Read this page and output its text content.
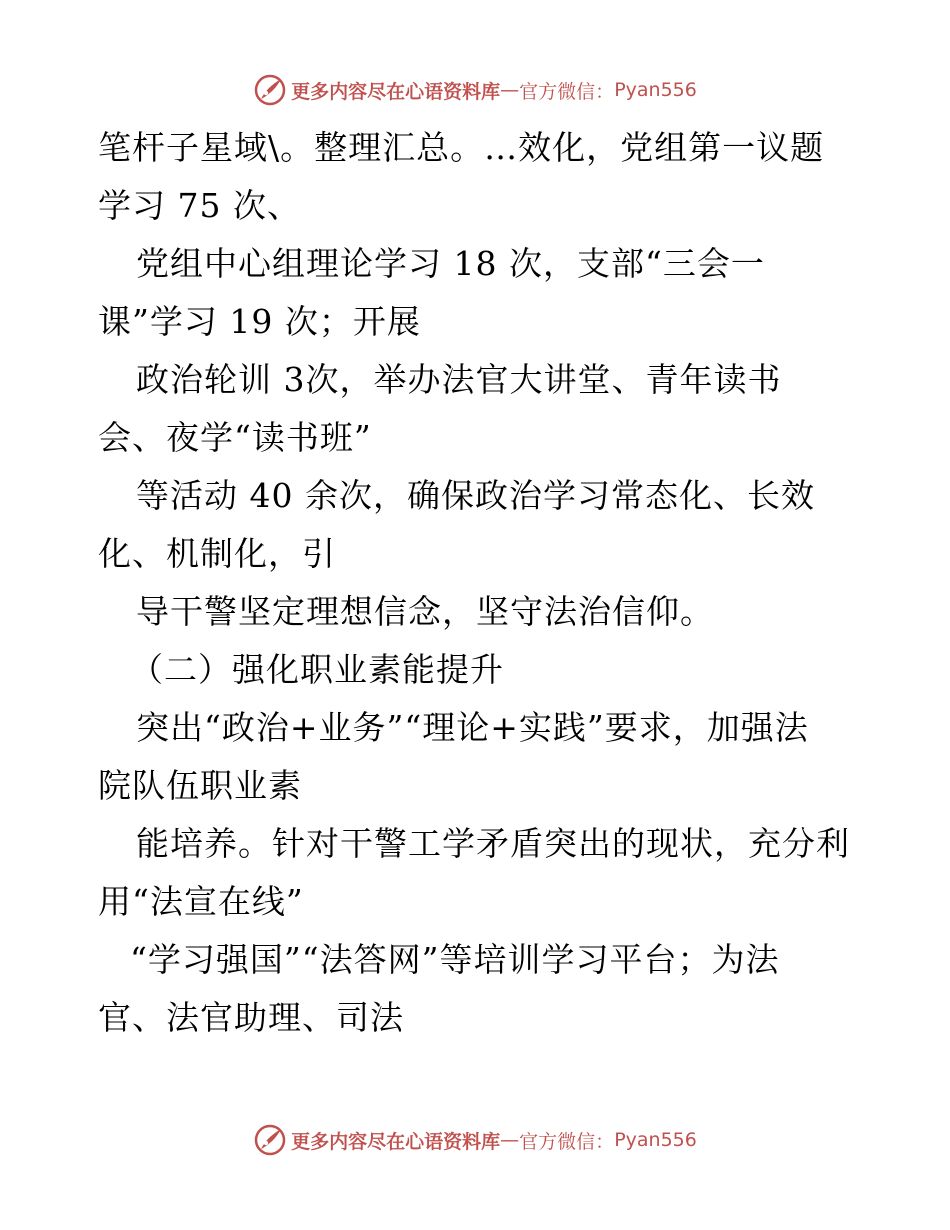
更多内容尽在心语资料库 — 官方微信： Pyan556
笔杆子星域\。整理汇总。…效化，党组第一议题
学习 75 次、
党组中心组理论学习 18 次，支部“三会一
课”学习 19 次；开展
政治轮训 3次，举办法官大讲堂、青年读书
会、夜学“读书班”
等活动 40 余次，确保政治学习常态化、长效
化、机制化，引
导干警坚定理想信念，坚守法治信仰。
（二）强化职业素能提升
突出“政治+业务”“理论+实践”要求，加强法
院队伍职业素
能培养。针对干警工学矛盾突出的现状，充分利
用“法宣在线”
“学习强国”“法答网”等培训学习平台；为法
官、法官助理、司法
更多内容尽在心语资料库 — 官方微信： Pyan556
